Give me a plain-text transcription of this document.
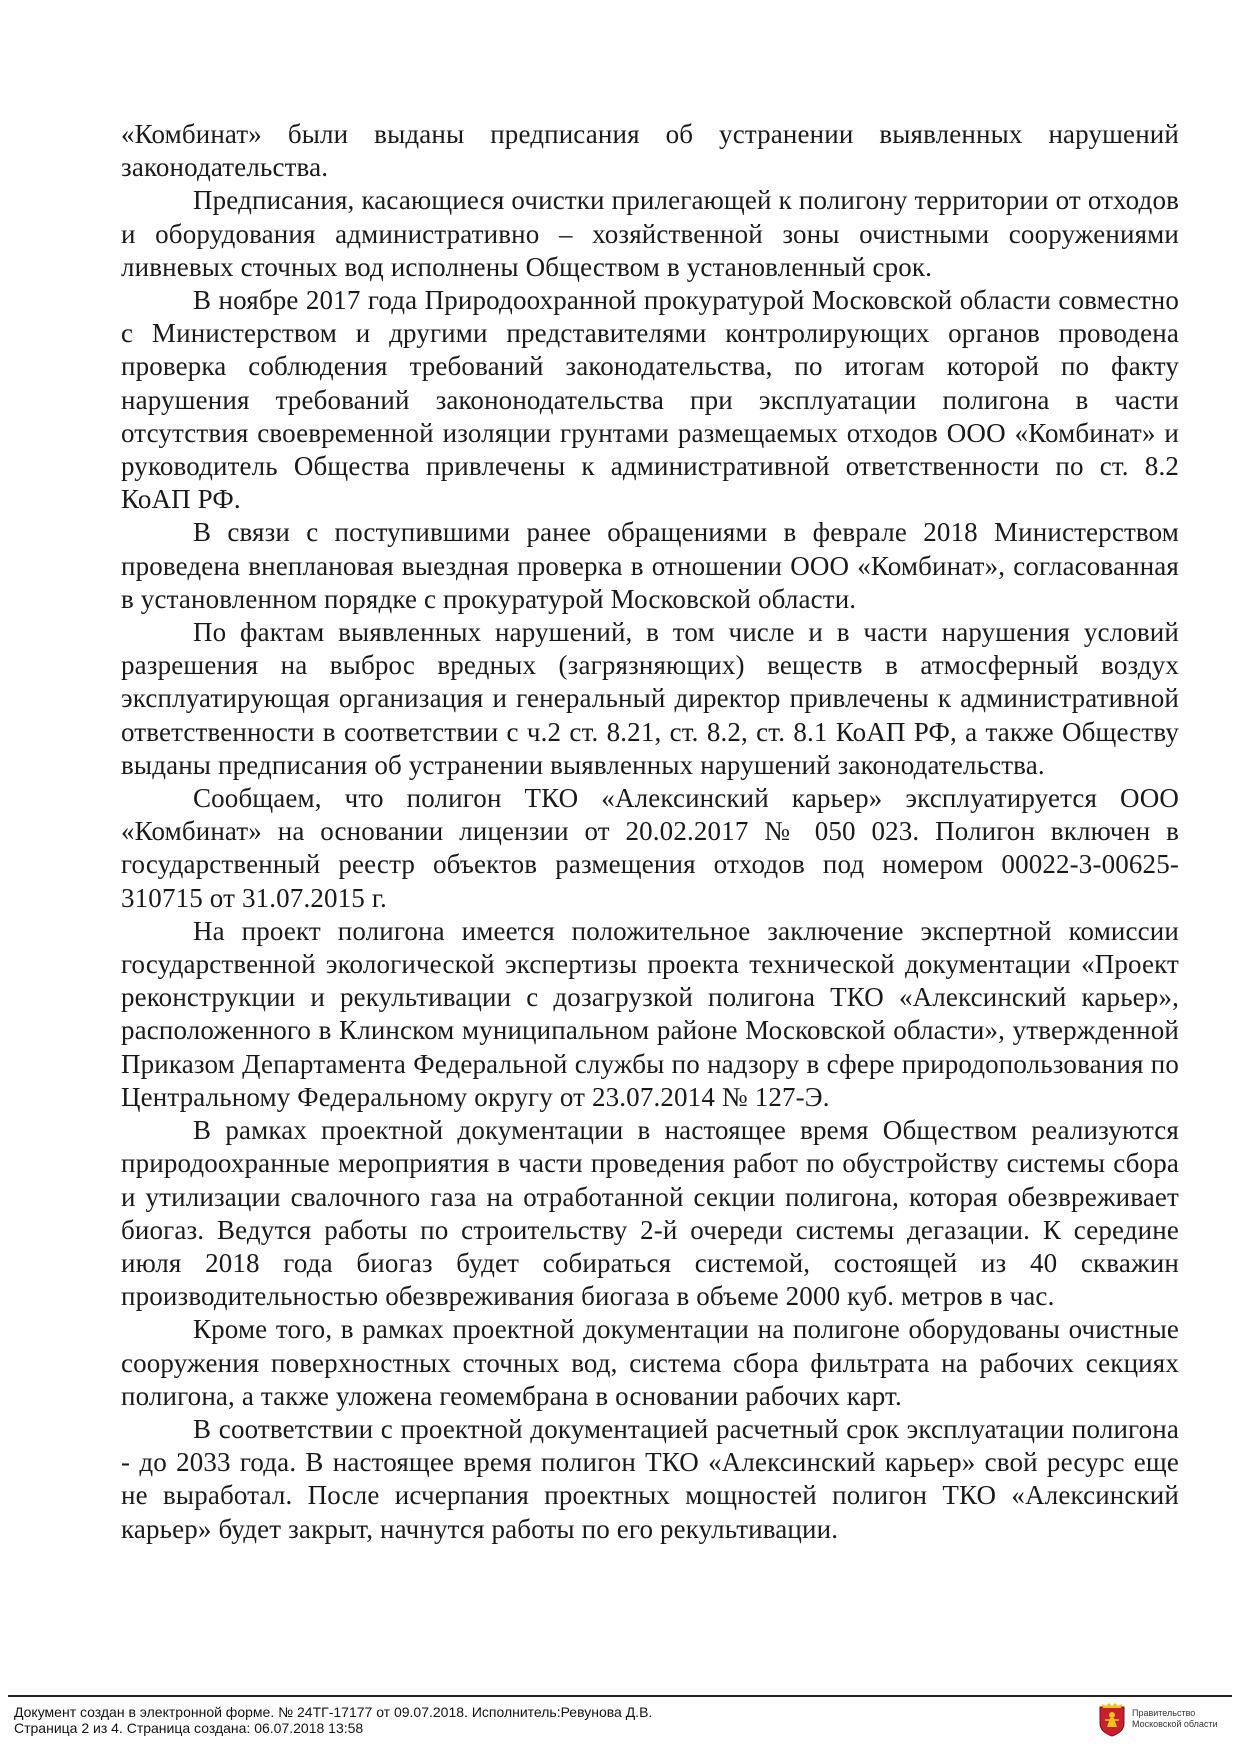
«Комбинат» были выданы предписания об устранении выявленных нарушений законодательства.

Предписания, касающиеся очистки прилегающей к полигону территории от отходов и оборудования административно – хозяйственной зоны очистными сооружениями ливневых сточных вод исполнены Обществом в установленный срок.

В ноябре 2017 года Природоохранной прокуратурой Московской области совместно с Министерством и другими представителями контролирующих органов проводена проверка соблюдения требований законодательства, по итогам которой по факту нарушения требований закононодательства при эксплуатации полигона в части отсутствия своевременной изоляции грунтами размещаемых отходов ООО «Комбинат» и руководитель Общества привлечены к административной ответственности по ст. 8.2 КоАП РФ.

В связи с поступившими ранее обращениями в феврале 2018 Министерством проведена внеплановая выездная проверка в отношении ООО «Комбинат», согласованная в установленном порядке с прокуратурой Московской области.

По фактам выявленных нарушений, в том числе и в части нарушения условий разрешения на выброс вредных (загрязняющих) веществ в атмосферный воздух эксплуатирующая организация и генеральный директор привлечены к административной ответственности в соответствии с ч.2 ст. 8.21, ст. 8.2, ст. 8.1 КоАП РФ, а также Обществу выданы предписания об устранении выявленных нарушений законодательства.

Сообщаем, что полигон ТКО «Алексинский карьер» эксплуатируется ООО «Комбинат» на основании лицензии от 20.02.2017 № 050 023. Полигон включен в государственный реестр объектов размещения отходов под номером 00022-3-00625-310715 от 31.07.2015 г.

На проект полигона имеется положительное заключение экспертной комиссии государственной экологической экспертизы проекта технической документации «Проект реконструкции и рекультивации с дозагрузкой полигона ТКО «Алексинский карьер», расположенного в Клинском муниципальном районе Московской области», утвержденной Приказом Департамента Федеральной службы по надзору в сфере природопользования по Центральному Федеральному округу от 23.07.2014 № 127-Э.

В рамках проектной документации в настоящее время Обществом реализуются природоохранные мероприятия в части проведения работ по обустройству системы сбора и утилизации свалочного газа на отработанной секции полигона, которая обезвреживает биогаз. Ведутся работы по строительству 2-й очереди системы дегазации. К середине июля 2018 года биогаз будет собираться системой, состоящей из 40 скважин производительностью обезвреживания биогаза в объеме 2000 куб. метров в час.

Кроме того, в рамках проектной документации на полигоне оборудованы очистные сооружения поверхностных сточных вод, система сбора фильтрата на рабочих секциях полигона, а также уложена геомембрана в основании рабочих карт.

В соответствии с проектной документацией расчетный срок эксплуатации полигона - до 2033 года. В настоящее время полигон ТКО «Алексинский карьер» свой ресурс еще не выработал. После исчерпания проектных мощностей полигон ТКО «Алексинский карьер» будет закрыт, начнутся работы по его рекультивации.

Документ создан в электронной форме. № 24ТГ-17177 от 09.07.2018. Исполнитель:Ревунова Д.В.
Страница 2 из 4. Страница создана: 06.07.2018 13:58
Правительство
Московской области
